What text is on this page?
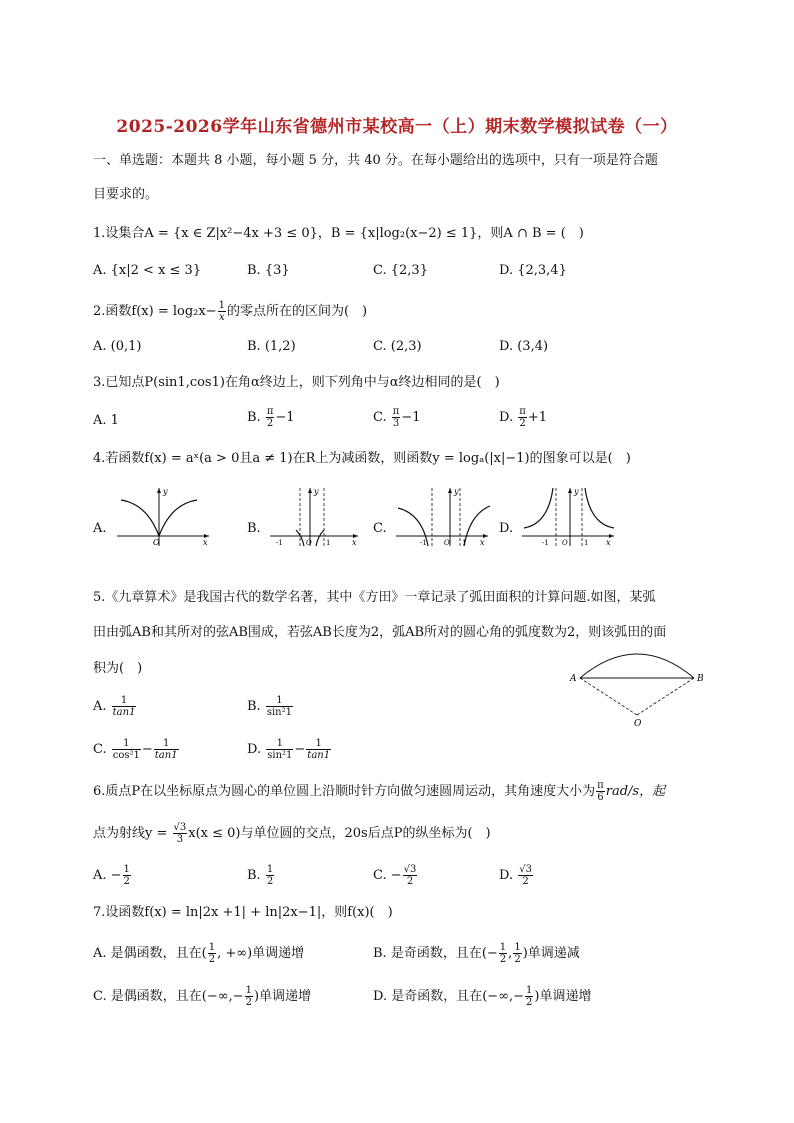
2025-2026学年山东省德州市某校高一（上）期末数学模拟试卷（一）
一、单选题：本题共 8 小题，每小题 5 分，共 40 分。在每小题给出的选项中，只有一项是符合题
目要求的。
1.设集合A = {x ∈ Z|x²−4x +3 ≤ 0}，B = {x|log₂(x−2) ≤ 1}，则A ∩ B = (　)
A. {x|2 < x ≤ 3}	B. {3}	C. {2,3}	D. {2,3,4}
2.函数$f(x) = \log_2x- \frac{1}{x}$ 的零点所在的区间为(　)
A. (0,1)	B. (1,2)	C. (2,3)	D. (3,4)
3.已知点P(sin1,cos1)在角α终边上，则下列角中与α终边相同的是(　)
A. 1	B. $\frac{\pi}{2} -1$	C. $\frac{\pi}{3} -1$	D. $\frac{\pi}{2} +1$
4.若函数f(x) = aˣ(a > 0且a ≠ 1)在R上为减函数，则函数y = logₐ(|x|−1)的图象可以是(　)
A.
y
x
O
B.
y
x
-1	O 1
C.
y
x
-1 O 1
D.
y
x
-1 O 1
5.《九章算术》是我国古代的数学名著，其中《方田》一章记录了弧田面积的计算问题.如图，某弧
田由弧AB和其所对的弦AB围成，若弦AB长度为2，弧AB所对的圆心角的弧度数为2，则该弧田的面
积为(　)
A	B
O
A. $\frac{1}{\tan 1}$	B. $\frac{1}{\text{sin²1}}$
C. $\frac{1}{\text{cos²1}} - \frac{1}{\tan 1}$	D. $\frac{1}{\text{sin²1}} - \frac{1}{\tan 1}$
6.质点P在以坐标原点为圆心的单位圆上沿顺时针方向做匀速圆周运动，其角速度大小为 $\frac{\pi}{6} rad/s$，起
点为射线$y = \frac{√3}{3} x(x \le 0)$与单位圆的交点，20s后点P的纵坐标为(　)
A. − $\frac{1}{2}$	B. $\frac{1}{2}$	C. − $\frac{√3}{2}$	D. $\frac{√3}{2}$
7.设函数f(x) = ln|2x +1| + ln|2x−1|，则f(x)(　)
A. 是偶函数，且在( $\frac{1}{2}$ , +∞)单调递增	B. 是奇函数，且在(− $\frac{1}{2}$ , $\frac{1}{2}$ )单调递减
C. 是偶函数，且在(−∞,− $\frac{1}{2}$ )单调递增	D. 是奇函数，且在(−∞,− $\frac{1}{2}$ )单调递增
